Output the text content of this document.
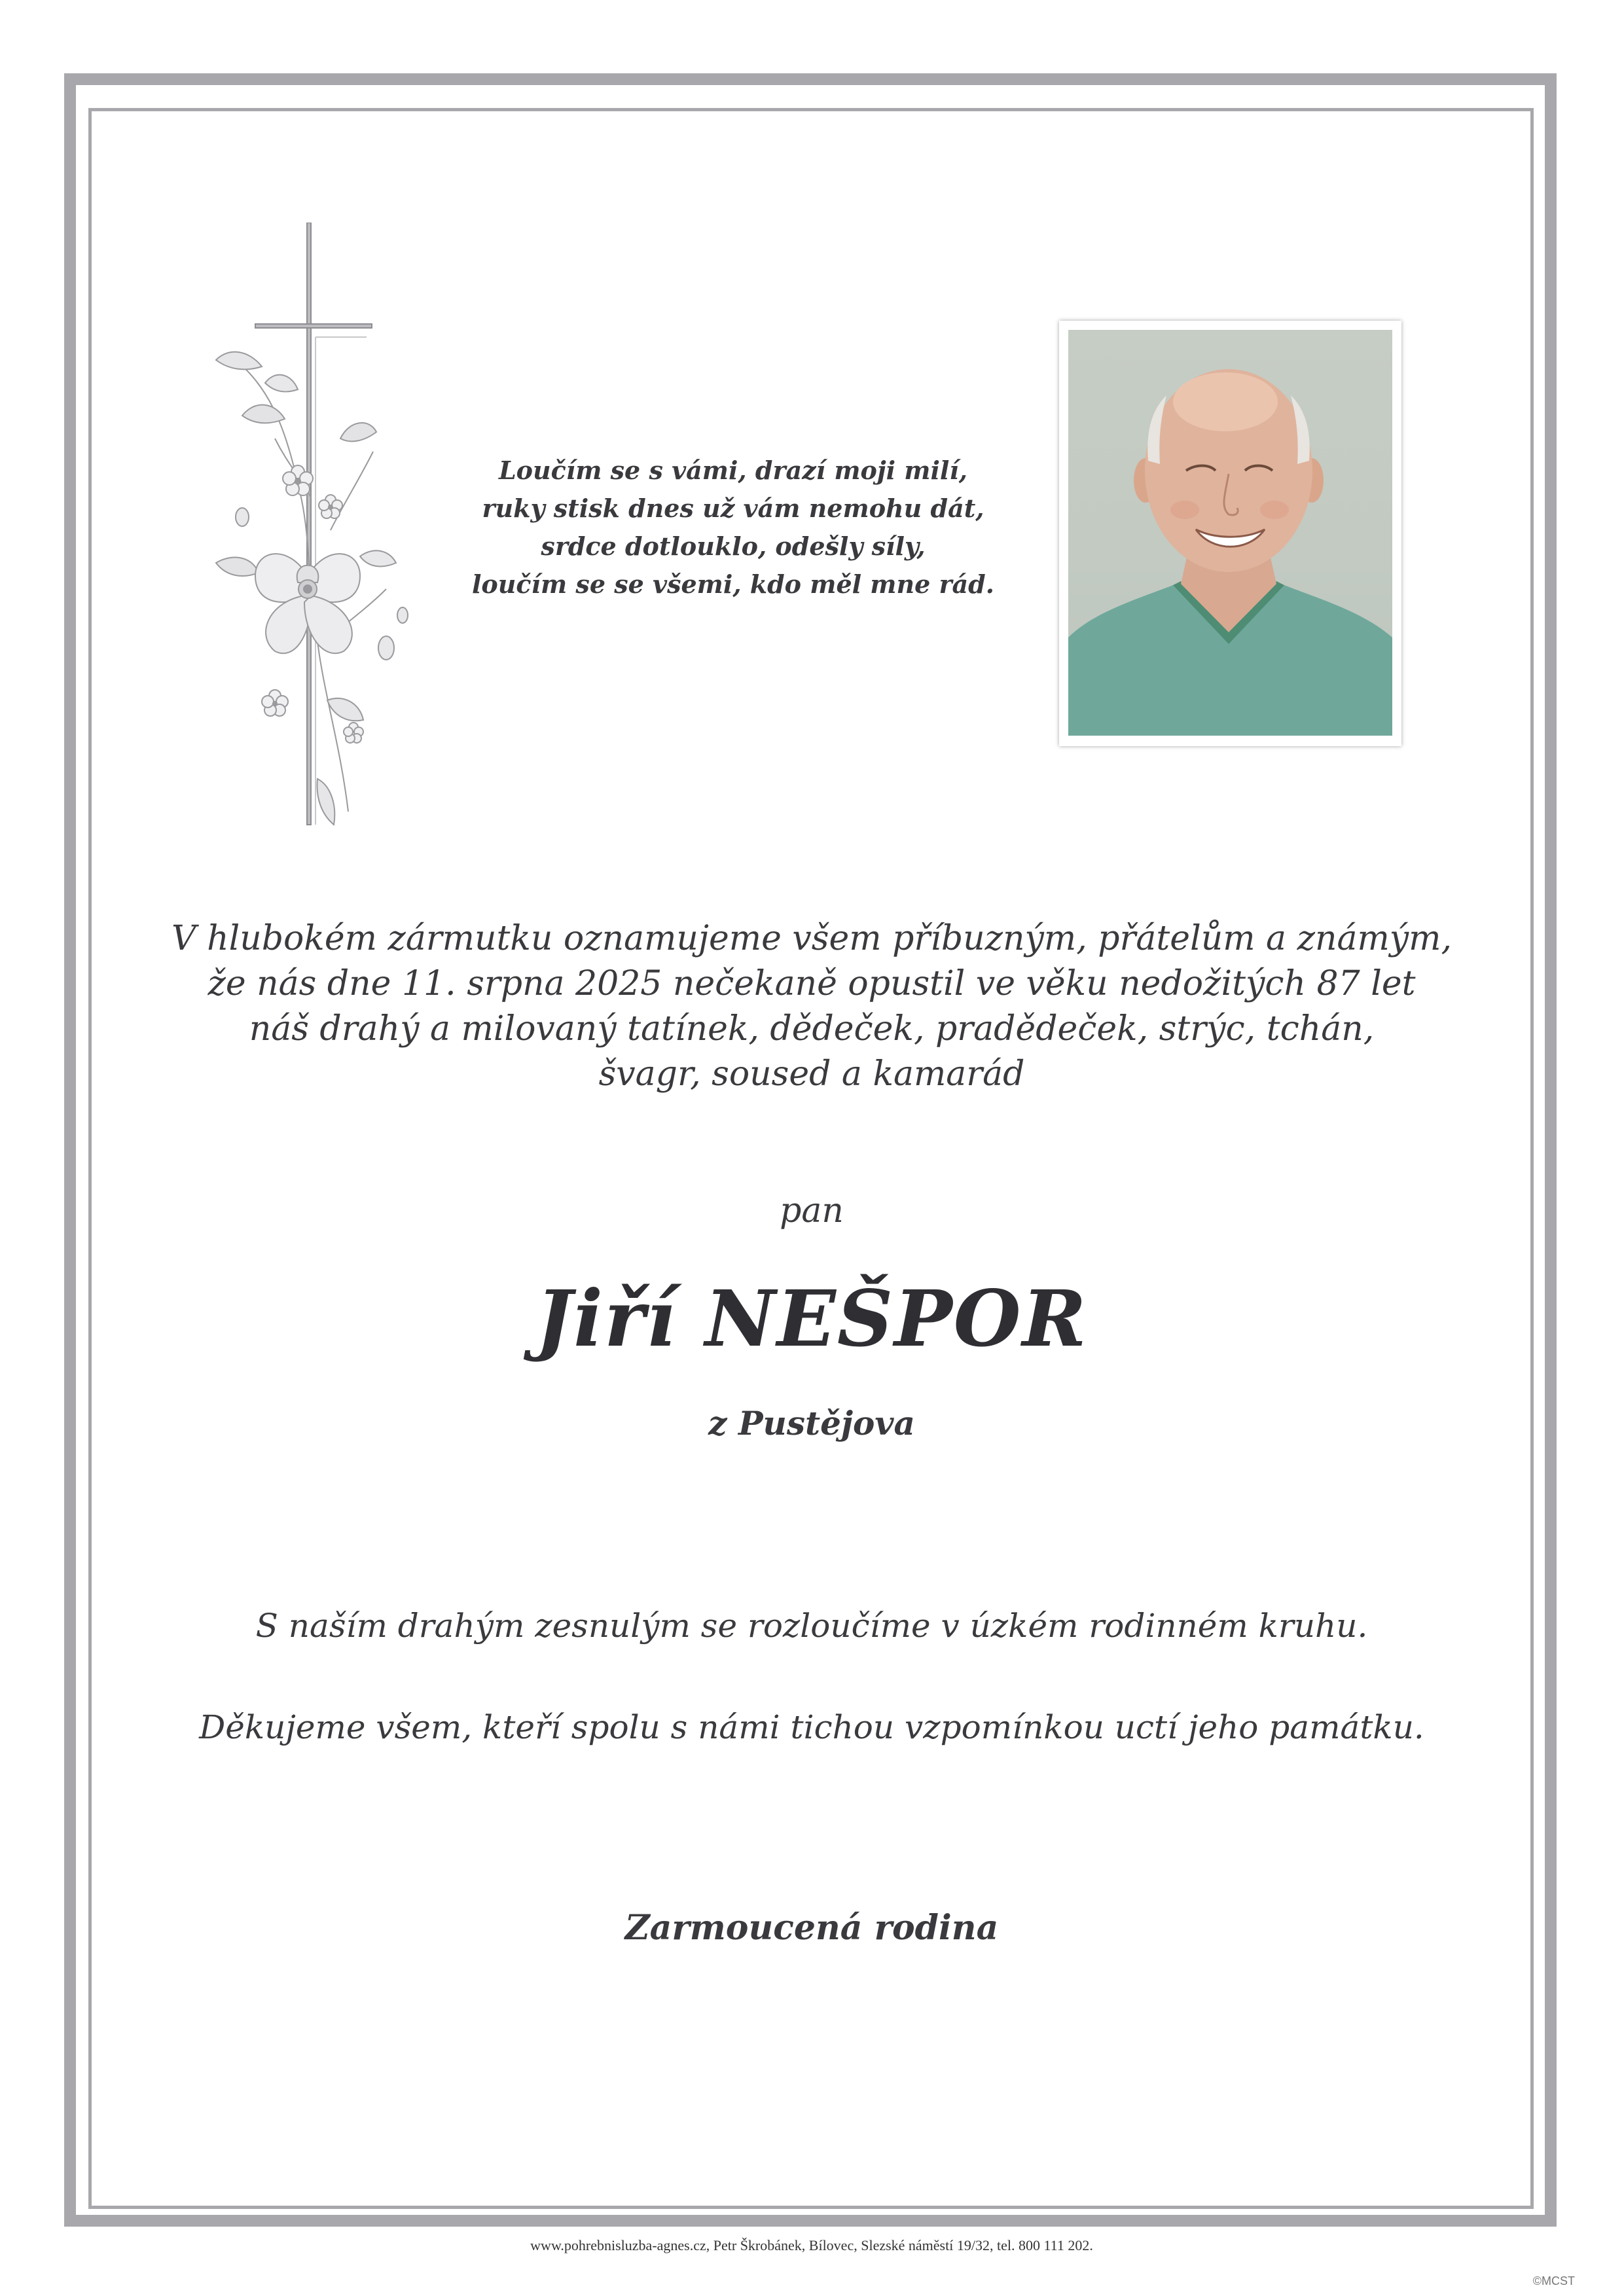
Loučím se s vámi, drazí moji milí,
ruky stisk dnes už vám nemohu dát,
srdce dotlouklo, odešly síly,
loučím se se všemi, kdo měl mne rád.
V hlubokém zármutku oznamujeme všem příbuzným, přátelům a známým,
že nás dne 11. srpna 2025 nečekaně opustil ve věku nedožitých 87 let
náš drahý a milovaný tatínek, dědeček, pradědeček, strýc, tchán,
švagr, soused a kamarád
pan
Jiří NEŠPOR
z Pustějova
S naším drahým zesnulým se rozloučíme v úzkém rodinném kruhu.
Děkujeme všem, kteří spolu s námi tichou vzpomínkou uctí jeho památku.
Zarmoucená rodina
www.pohrebnisluzba-agnes.cz, Petr Škrobánek, Bílovec, Slezské náměstí 19/32, tel. 800 111 202.
©MCST
